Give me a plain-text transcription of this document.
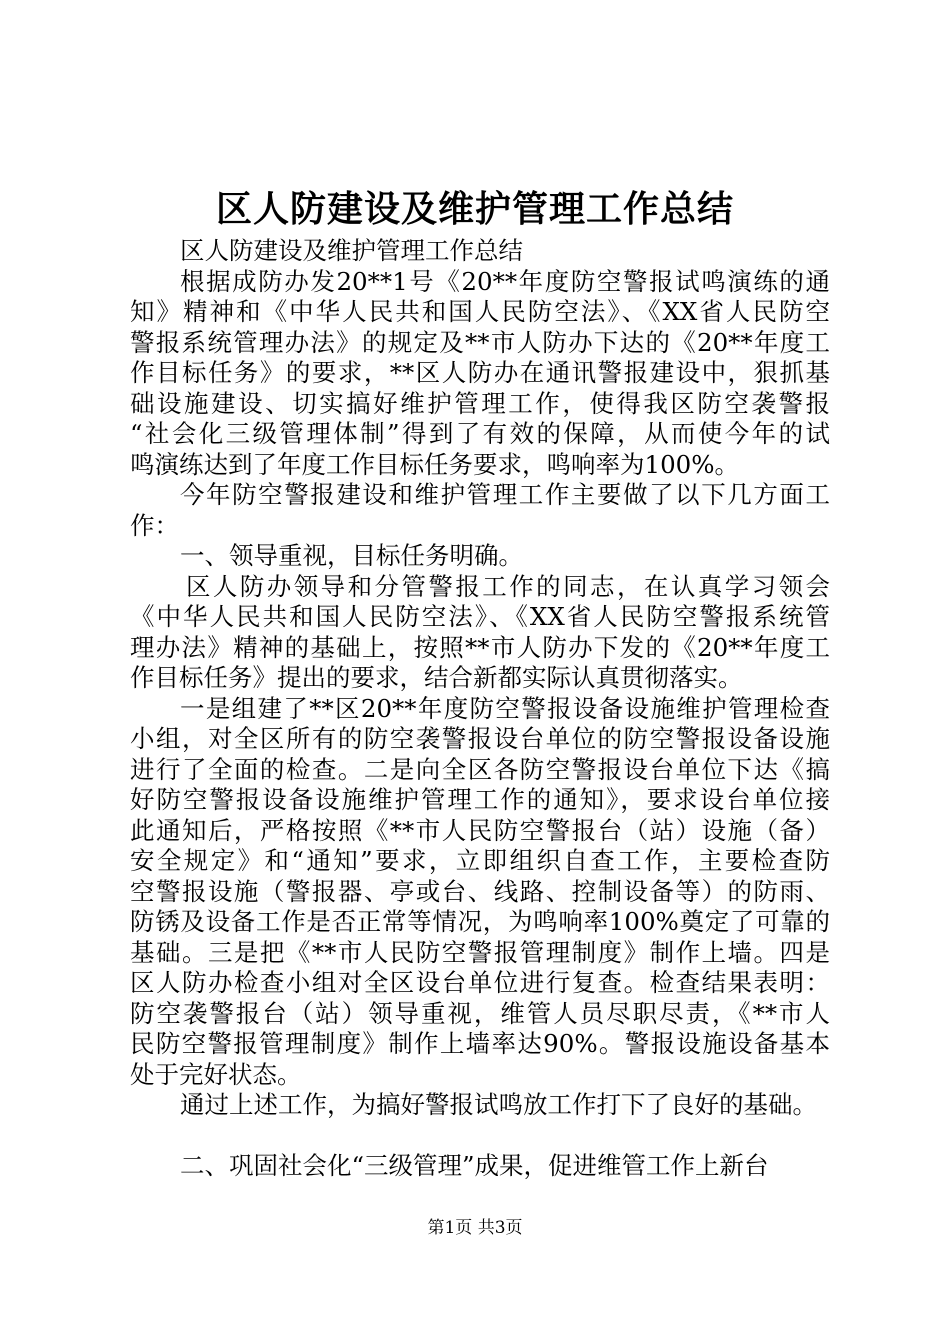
区人防建设及维护管理工作总结
区人防建设及维护管理工作总结
根据成防办发20**1号《20**年度防空警报试鸣演练的通
知》精神和《中华人民共和国人民防空法》、《XX省人民防空
警报系统管理办法》的规定及**市人防办下达的《20**年度工
作目标任务》的要求，**区人防办在通讯警报建设中，狠抓基
础设施建设、切实搞好维护管理工作，使得我区防空袭警报
“社会化三级管理体制”得到了有效的保障，从而使今年的试
鸣演练达到了年度工作目标任务要求，鸣响率为100%。
今年防空警报建设和维护管理工作主要做了以下几方面工
作：
一、领导重视，目标任务明确。
区人防办领导和分管警报工作的同志，在认真学习领会
《中华人民共和国人民防空法》、《XX省人民防空警报系统管
理办法》精神的基础上，按照**市人防办下发的《20**年度工
作目标任务》提出的要求，结合新都实际认真贯彻落实。
一是组建了**区20**年度防空警报设备设施维护管理检查
小组，对全区所有的防空袭警报设台单位的防空警报设备设施
进行了全面的检查。二是向全区各防空警报设台单位下达《搞
好防空警报设备设施维护管理工作的通知》，要求设台单位接
此通知后，严格按照《**市人民防空警报台（站）设施（备）
安全规定》和“通知”要求，立即组织自查工作，主要检查防
空警报设施（警报器、亭或台、线路、控制设备等）的防雨、
防锈及设备工作是否正常等情况，为鸣响率100%奠定了可靠的
基础。三是把《**市人民防空警报管理制度》制作上墙。四是
区人防办检查小组对全区设台单位进行复查。检查结果表明：
防空袭警报台（站）领导重视，维管人员尽职尽责，《**市人
民防空警报管理制度》制作上墙率达90%。警报设施设备基本
处于完好状态。
通过上述工作，为搞好警报试鸣放工作打下了良好的基础。
二、巩固社会化“三级管理”成果，促进维管工作上新台
第1页 共3页
